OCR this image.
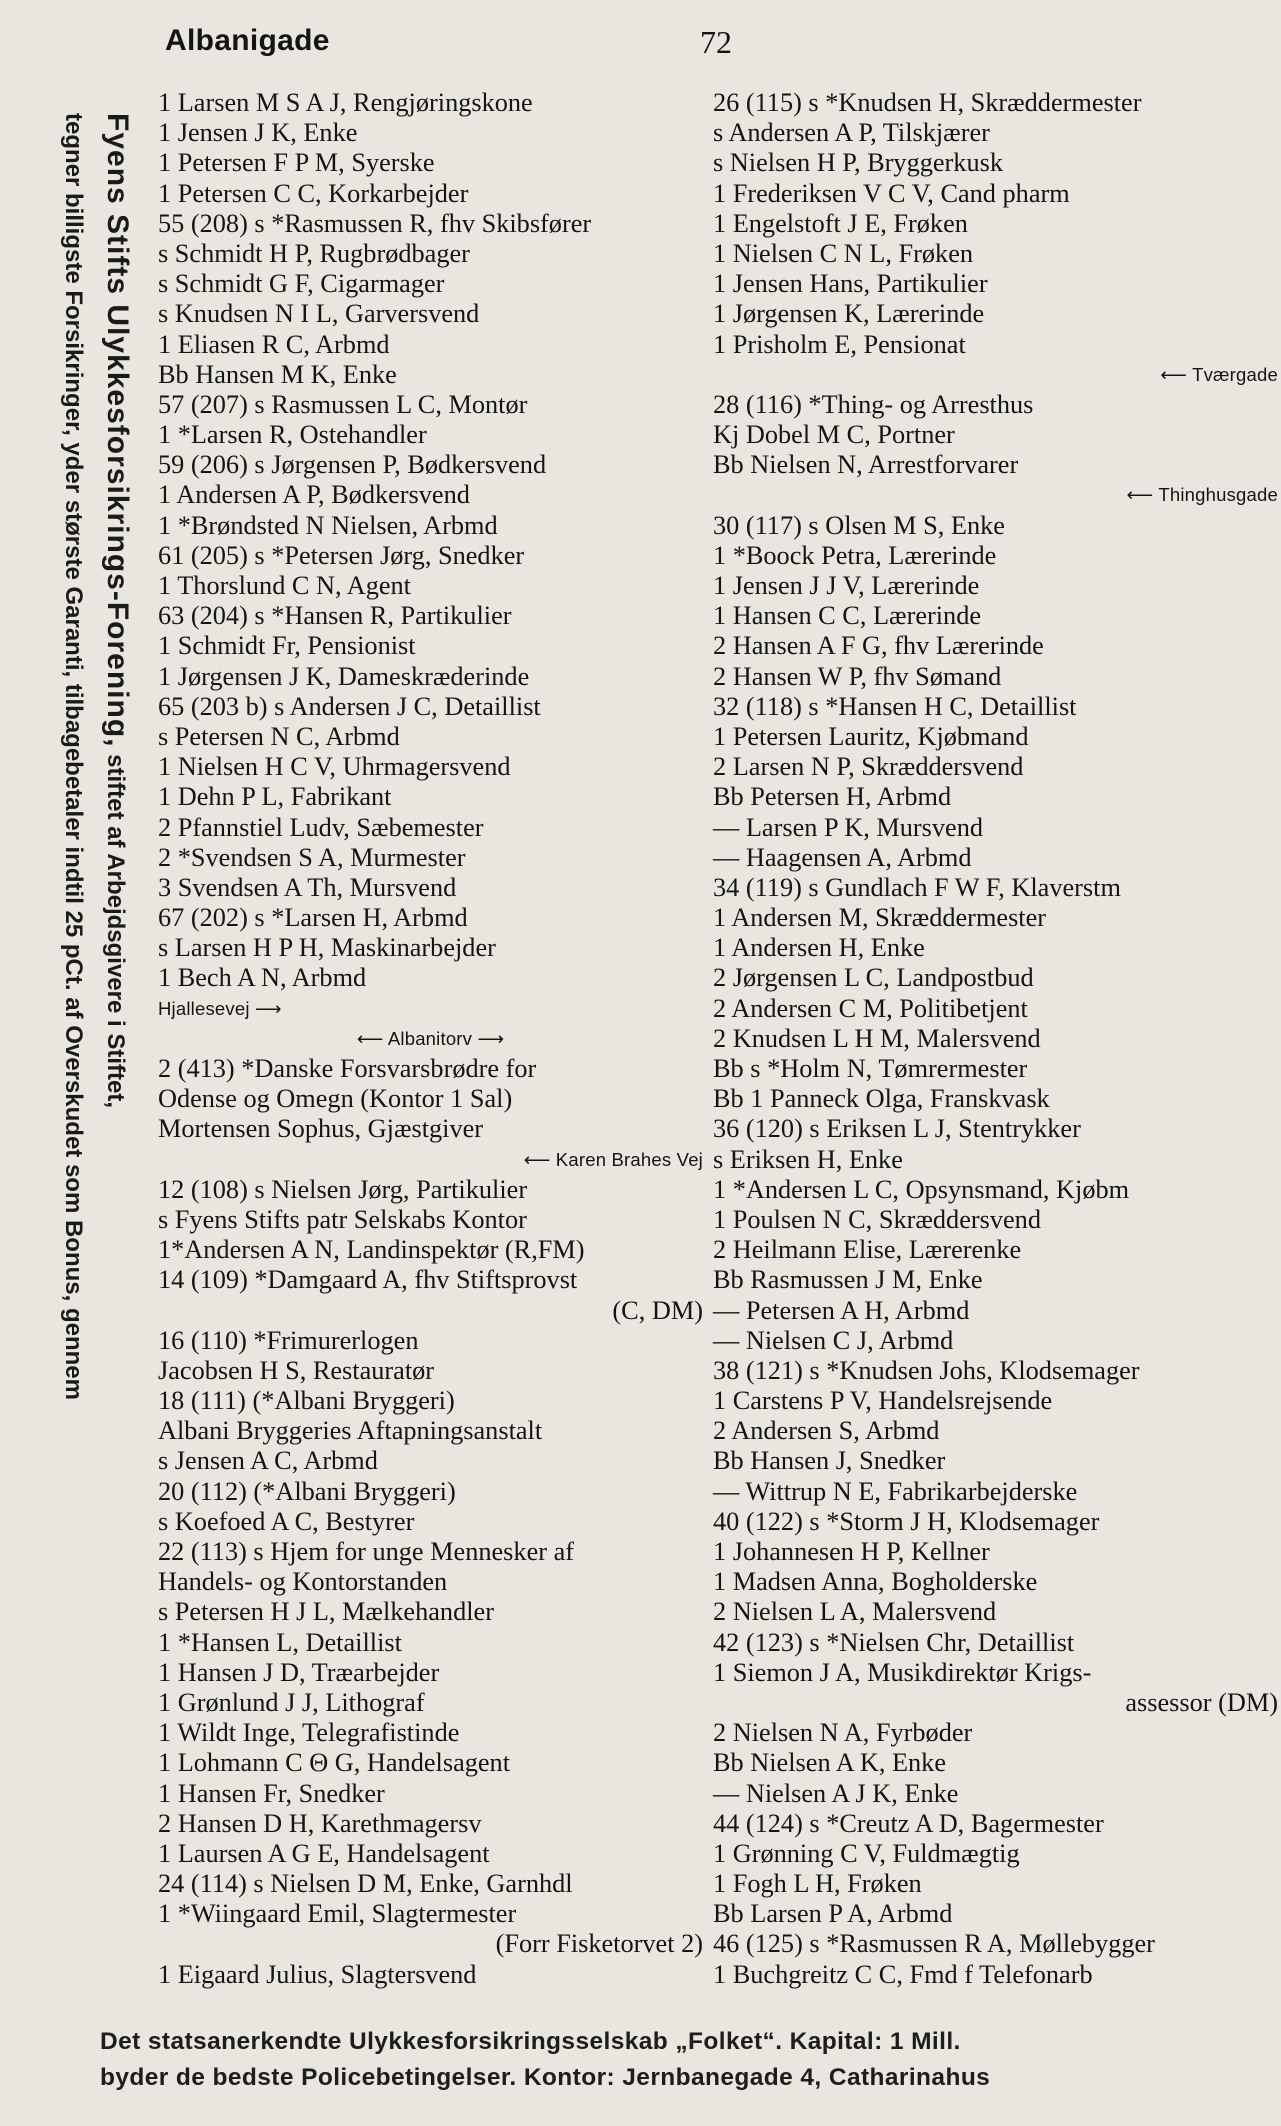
Albanigade	72
Fyens Stifts Ulykkesforsikrings-Forening, stiftet af Arbejdsgivere i Stiftet,
tegner billigste Forsikringer, yder største Garanti, tilbagebetaler indtil 25 pCt. af Overskudet som Bonus, gennem
1 Larsen M S A J, Rengjøringskone
1 Jensen J K, Enke
1 Petersen F P M, Syerske
1 Petersen C C, Korkarbejder
55 (208) s *Rasmussen R, fhv Skibsfører
s Schmidt H P, Rugbrødbager
s Schmidt G F, Cigarmager
s Knudsen N I L, Garversvend
1 Eliasen R C, Arbmd
Bb Hansen M K, Enke
57 (207) s Rasmussen L C, Montør
1 *Larsen R, Ostehandler
59 (206) s Jørgensen P, Bødkersvend
1 Andersen A P, Bødkersvend
1 *Brøndsted N Nielsen, Arbmd
61 (205) s *Petersen Jørg, Snedker
1 Thorslund C N, Agent
63 (204) s *Hansen R, Partikulier
1 Schmidt Fr, Pensionist
1 Jørgensen J K, Dameskræderinde
65 (203 b) s Andersen J C, Detaillist
s Petersen N C, Arbmd
1 Nielsen H C V, Uhrmagersvend
1 Dehn P L, Fabrikant
2 Pfannstiel Ludv, Sæbemester
2 *Svendsen S A, Murmester
3 Svendsen A Th, Mursvend
67 (202) s *Larsen H, Arbmd
s Larsen H P H, Maskinarbejder
1 Bech A N, Arbmd
Hjallesevej ⟶
⟵ Albanitorv ⟶
2 (413) *Danske Forsvarsbrødre for
Odense og Omegn (Kontor 1 Sal)
Mortensen Sophus, Gjæstgiver
⟵ Karen Brahes Vej
12 (108) s Nielsen Jørg, Partikulier
s Fyens Stifts patr Selskabs Kontor
1*Andersen A N, Landinspektør (R,FM)
14 (109) *Damgaard A, fhv Stiftsprovst
(C, DM)
16 (110) *Frimurerlogen
Jacobsen H S, Restauratør
18 (111) (*Albani Bryggeri)
Albani Bryggeries Aftapningsanstalt
s Jensen A C, Arbmd
20 (112) (*Albani Bryggeri)
s Koefoed A C, Bestyrer
22 (113) s Hjem for unge Mennesker af
Handels- og Kontorstanden
s Petersen H J L, Mælkehandler
1 *Hansen L, Detaillist
1 Hansen J D, Træarbejder
1 Grønlund J J, Lithograf
1 Wildt Inge, Telegrafistinde
1 Lohmann C Θ G, Handelsagent
1 Hansen Fr, Snedker
2 Hansen D H, Karethmagersv
1 Laursen A G E, Handelsagent
24 (114) s Nielsen D M, Enke, Garnhdl
1 *Wiingaard Emil, Slagtermester
(Forr Fisketorvet 2)
1 Eigaard Julius, Slagtersvend
26 (115) s *Knudsen H, Skræddermester
s Andersen A P, Tilskjærer
s Nielsen H P, Bryggerkusk
1 Frederiksen V C V, Cand pharm
1 Engelstoft J E, Frøken
1 Nielsen C N L, Frøken
1 Jensen Hans, Partikulier
1 Jørgensen K, Lærerinde
1 Prisholm E, Pensionat
⟵ Tværgade
28 (116) *Thing- og Arresthus
Kj Dobel M C, Portner
Bb Nielsen N, Arrestforvarer
⟵ Thinghusgade
30 (117) s Olsen M S, Enke
1 *Boock Petra, Lærerinde
1 Jensen J J V, Lærerinde
1 Hansen C C, Lærerinde
2 Hansen A F G, fhv Lærerinde
2 Hansen W P, fhv Sømand
32 (118) s *Hansen H C, Detaillist
1 Petersen Lauritz, Kjøbmand
2 Larsen N P, Skræddersvend
Bb Petersen H, Arbmd
— Larsen P K, Mursvend
— Haagensen A, Arbmd
34 (119) s Gundlach F W F, Klaverstm
1 Andersen M, Skræddermester
1 Andersen H, Enke
2 Jørgensen L C, Landpostbud
2 Andersen C M, Politibetjent
2 Knudsen L H M, Malersvend
Bb s *Holm N, Tømrermester
Bb 1 Panneck Olga, Franskvask
36 (120) s Eriksen L J, Stentrykker
s Eriksen H, Enke
1 *Andersen L C, Opsynsmand, Kjøbm
1 Poulsen N C, Skræddersvend
2 Heilmann Elise, Lærerenke
Bb Rasmussen J M, Enke
— Petersen A H, Arbmd
— Nielsen C J, Arbmd
38 (121) s *Knudsen Johs, Klodsemager
1 Carstens P V, Handelsrejsende
2 Andersen S, Arbmd
Bb Hansen J, Snedker
— Wittrup N E, Fabrikarbejderske
40 (122) s *Storm J H, Klodsemager
1 Johannesen H P, Kellner
1 Madsen Anna, Bogholderske
2 Nielsen L A, Malersvend
42 (123) s *Nielsen Chr, Detaillist
1 Siemon J A, Musikdirektør Krigs-
assessor (DM)
2 Nielsen N A, Fyrbøder
Bb Nielsen A K, Enke
— Nielsen A J K, Enke
44 (124) s *Creutz A D, Bagermester
1 Grønning C V, Fuldmægtig
1 Fogh L H, Frøken
Bb Larsen P A, Arbmd
46 (125) s *Rasmussen R A, Møllebygger
1 Buchgreitz C C, Fmd f Telefonarb
Det statsanerkendte Ulykkesforsikringsselskab „Folket“. Kapital: 1 Mill.
byder de bedste Policebetingelser. Kontor: Jernbanegade 4, Catharinahus
